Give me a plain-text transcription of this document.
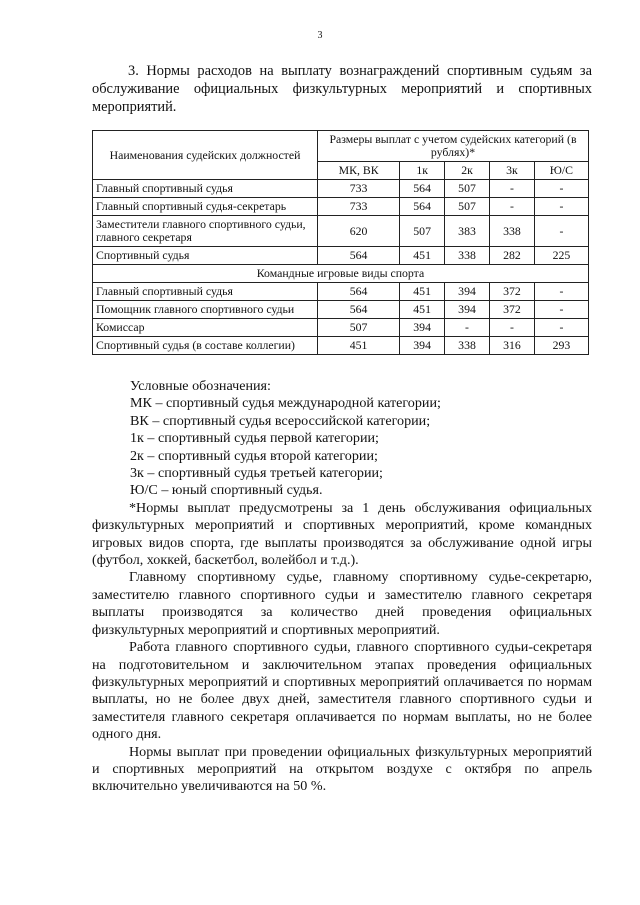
3

3. Нормы расходов на выплату вознаграждений спортивным судьям за обслуживание официальных физкультурных мероприятий и спортивных мероприятий.

Наименования судейских должностей	Размеры выплат с учетом судейских категорий (в рублях)*				
	МК, ВК	1к	2к	3к	Ю/С
Главный спортивный судья	733	564	507	-	-
Главный спортивный судья-секретарь	733	564	507	-	-
Заместители главного спортивного судьи, главного секретаря	620	507	383	338	-
Спортивный судья	564	451	338	282	225
Командные игровые виды спорта					
Главный спортивный судья	564	451	394	372	-
Помощник главного спортивного судьи	564	451	394	372	-
Комиссар	507	394	-	-	-
Спортивный судья (в составе коллегии)	451	394	338	316	293

Условные обозначения:

МК – спортивный судья международной категории;

ВК – спортивный судья всероссийской категории;

1к – спортивный судья первой категории;

2к – спортивный судья второй категории;

3к – спортивный судья третьей категории;

Ю/С – юный спортивный судья.

*Нормы выплат предусмотрены за 1 день обслуживания официальных физкультурных мероприятий и спортивных мероприятий, кроме командных игровых видов спорта, где выплаты производятся за обслуживание одной игры (футбол, хоккей, баскетбол, волейбол и т.д.).

Главному спортивному судье, главному спортивному судье-секретарю, заместителю главного спортивного судьи и заместителю главного секретаря выплаты производятся за количество дней проведения официальных физкультурных мероприятий и спортивных мероприятий.

Работа главного спортивного судьи, главного спортивного судьи-секретаря на подготовительном и заключительном этапах проведения официальных физкультурных мероприятий и спортивных мероприятий оплачивается по нормам выплаты, но не более двух дней, заместителя главного спортивного судьи и заместителя главного секретаря оплачивается по нормам выплаты, но не более одного дня.

Нормы выплат при проведении официальных физкультурных мероприятий и спортивных мероприятий на открытом воздухе с октября по апрель включительно увеличиваются на 50 %.
